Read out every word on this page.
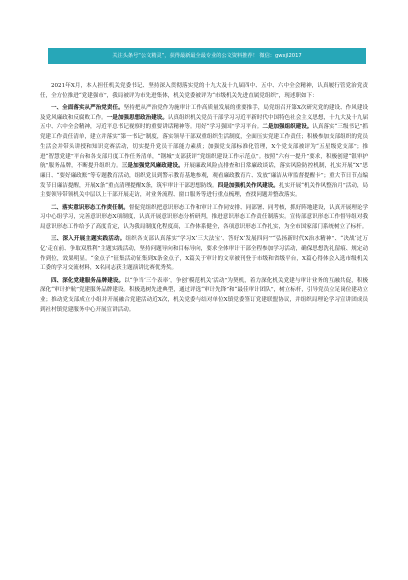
关注头条号“公文精灵”，获得最新最全最专业的公文资料推荐！ 微信：gwxjl2017

2021年X月，本人担任机关党委书记、坚持深入贯彻落实党的十九大及十九届四中、五中、六中全会精神，认真履行管党治党责任，全方位推进“党建强市”，我局被评为市先进集体，机关党委被评为“市级机关先进直属党组织”，现述职如下：

一、全面落实从严治党责任。坚持把从严治党作为施审计工作高质量发展的重要推手，局党组召开第X次研究党的建设、作风建设及党风廉政和反腐败工作。一是加强思想政治建设。认真组织机关党员干部学习习近平新时代中国特色社会主义思想，十九大及十九届五中、六中全会精神，习近平总书记视察时的重要讲话精神等。用好“学习强国”学习平台。二是加强组织建设。认真落实“三级书记”抓党建工作责任清单，建立并落实“第一书记”制度，落实领导干部双重组织生活制度，全面压实党建工作责任；积极参加支部组织的党员生活会并带头讲授和知识竞赛活动，切实提升党员干部能力素质；加强党支部标准化管理，X个党支部被评为“五星级党支部”；推进“智慧党建”平台和各支部月度工作任务清单，“钢城”支部获评“党组织建设工作示范点”。按照“六有一提升”要求，积极创建“银审护航”服务品牌，不断提升组织力。三是加强党风廉政建设。开展廉政风险点排查和日常廉政谈话，落实风险防控机制，扎实开展“X”思廉日、“要好廉政账”等专题教育活动，组织党员到警示教育基地参观，观看廉政教育片、发放“廉洁从审监督提醒卡”；重大节日节点编发节日廉洁提醒，开展X条“重点清理提醒X条，筑牢审计干部思想防线。四是加强机关作风建设。扎实开展“机关作风整治月”活动，局主要领导带领机关中层以上干部开展走访，对业务流程、窗口服务等进行重点梳理，查找问题并整改落实。

二、落实意识形态工作责任制。督促党组织把意识形态工作和审计工作同安排、同部署、同考核，抓好阵地建设，认真开展理论学习中心组学习，完善意识形态X项制度，认真开展意识形态分析研判，推进意识形态工作责任制落实。宣传部意识形态工作督导组对我局意识形态工作给予了高度肯定，认为我局制度化程度高，工作体系健全，各项意识形态工作扎实，为全市国家部门系统树立了标杆。

三、深入开展主题实践活动。组织各支部认真落实“学习X‘三大法宝’、答好X‘发展四问’”“弘扬新时代X治水精神”、“决战‘过万亿’走在前、争取双胜利”主题实践活动，坚持问题导向和目标导向，要求全体审计干部全程参加学习活动，确保思想洗礼留痕、规定动作到位，效果明显。“金点子”征集活动征集到X条金点子，X篇关于审计的文章被刊登于市级和省级平台，X篇心得体会入选市级机关工委的学习交流材料，X名同志获主题演讲比赛优秀奖。

四、深化党建服务品牌建设。以“争当‘三个表率’，争创‘模范机关’活动”为契机，着力深化机关党建与审计业务的互融共促，积极深化“审计护航”党建服务品牌建设。积极选树先进典型，通过评选“审计先锋”和“最佳审计团队”，树立标杆，引导党员立足岗位建功立业；推动党支部成立小组并开展融合党建活动近X次，机关党委与结对单位X镇党委签订党建联盟协议，并组织局理论学习宣讲团成员到社村镇党建服务中心开展宣讲活动。
